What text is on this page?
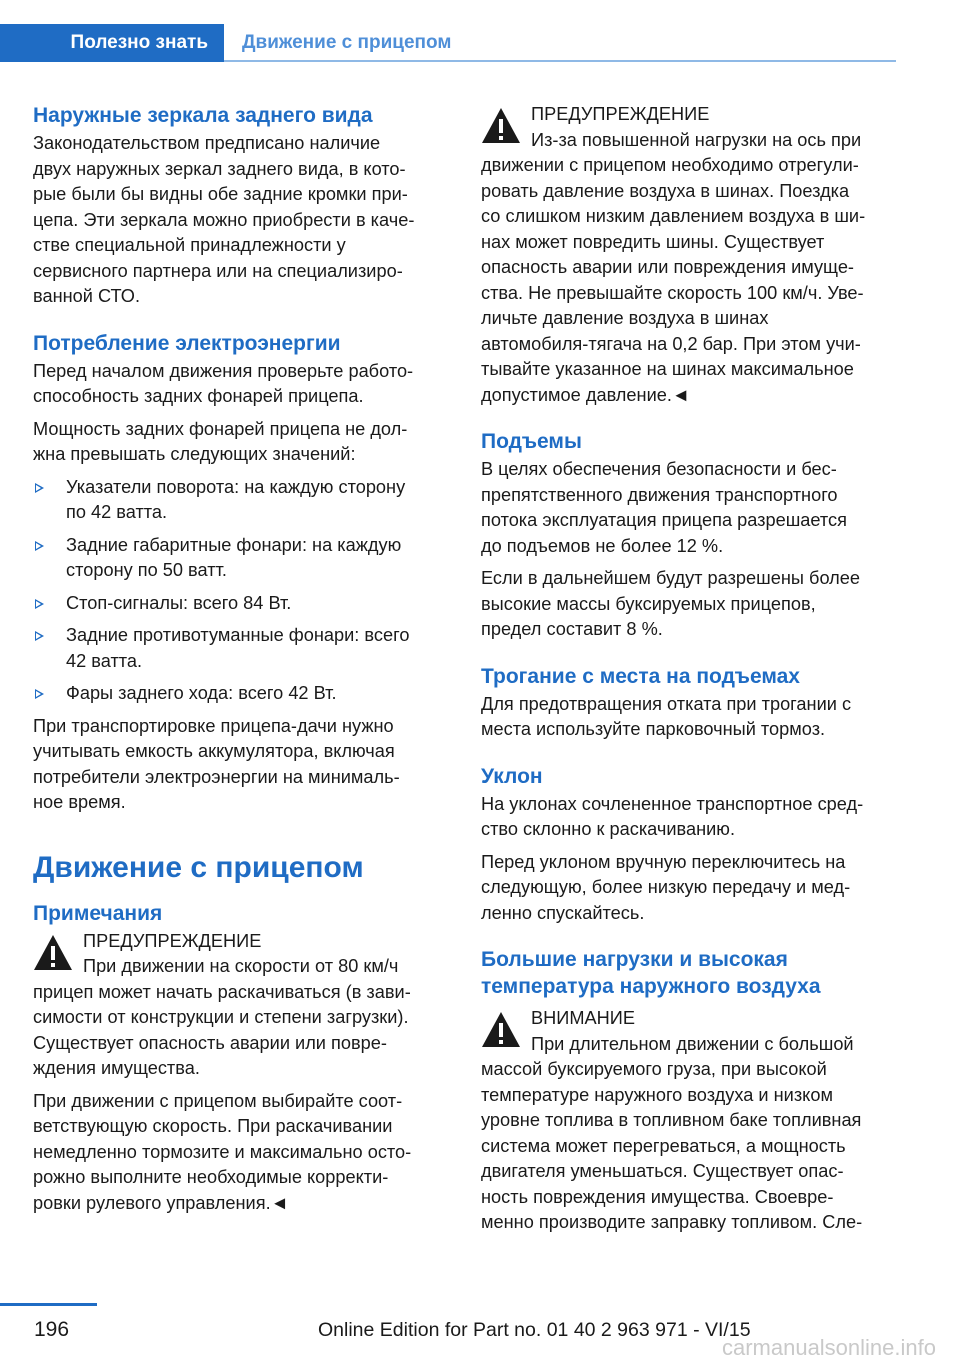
Полезно знать	Движение с прицепом
Наружные зеркала заднего вида
Законодательством предписано наличие
двух наружных зеркал заднего вида, в кото-
рые были бы видны обе задние кромки при-
цепа. Эти зеркала можно приобрести в каче-
стве специальной принадлежности у
сервисного партнера или на специализиро-
ванной СТО.
Потребление электроэнергии
Перед началом движения проверьте работо-
способность задних фонарей прицепа.
Мощность задних фонарей прицепа не дол-
жна превышать следующих значений:
Указатели поворота: на каждую сторону
по 42 ватта.
Задние габаритные фонари: на каждую
сторону по 50 ватт.
Стоп-сигналы: всего 84 Вт.
Задние противотуманные фонари: всего
42 ватта.
Фары заднего хода: всего 42 Вт.
При транспортировке прицепа-дачи нужно
учитывать емкость аккумулятора, включая
потребители электроэнергии на минималь-
ное время.
Движение с прицепом
Примечания
ПРЕДУПРЕЖДЕНИЕ
При движении на скорости от 80 км/ч
прицеп может начать раскачиваться (в зави-
симости от конструкции и степени загрузки).
Существует опасность аварии или повре-
ждения имущества.
При движении с прицепом выбирайте соот-
ветствующую скорость. При раскачивании
немедленно тормозите и максимально осто-
рожно выполните необходимые корректи-
ровки рулевого управления.◄
ПРЕДУПРЕЖДЕНИЕ
Из-за повышенной нагрузки на ось при
движении с прицепом необходимо отрегули-
ровать давление воздуха в шинах. Поездка
со слишком низким давлением воздуха в ши-
нах может повредить шины. Существует
опасность аварии или повреждения имуще-
ства. Не превышайте скорость 100 км/ч. Уве-
личьте давление воздуха в шинах
автомобиля-тягача на 0,2 бар. При этом учи-
тывайте указанное на шинах максимальное
допустимое давление.◄
Подъемы
В целях обеспечения безопасности и бес-
препятственного движения транспортного
потока эксплуатация прицепа разрешается
до подъемов не более 12 %.
Если в дальнейшем будут разрешены более
высокие массы буксируемых прицепов,
предел составит 8 %.
Трогание с места на подъемах
Для предотвращения отката при трогании с
места используйте парковочный тормоз.
Уклон
На уклонах сочлененное транспортное сред-
ство склонно к раскачиванию.
Перед уклоном вручную переключитесь на
следующую, более низкую передачу и мед-
ленно спускайтесь.
Большие нагрузки и высокая
температура наружного воздуха
ВНИМАНИЕ
При длительном движении с большой
массой буксируемого груза, при высокой
температуре наружного воздуха и низком
уровне топлива в топливном баке топливная
система может перегреваться, а мощность
двигателя уменьшаться. Существует опас-
ность повреждения имущества. Своевре-
менно производите заправку топливом. Сле-
196	Online Edition for Part no. 01 40 2 963 971 - VI/15
carmanualsonline.info
